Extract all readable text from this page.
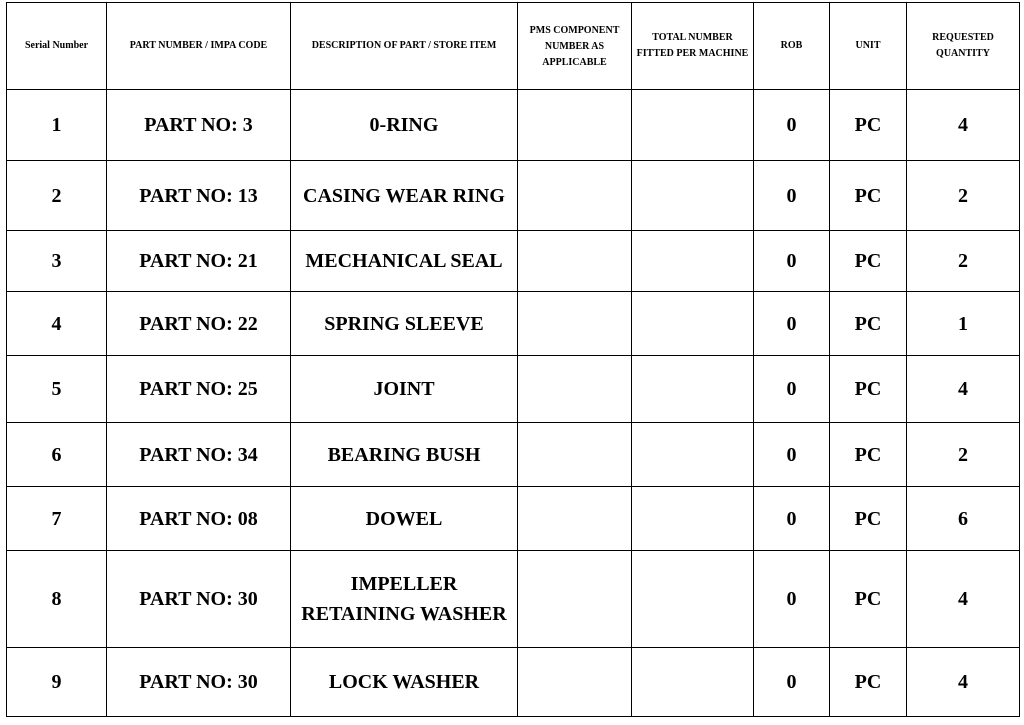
Serial Number	PART NUMBER / IMPA CODE	DESCRIPTION OF PART / STORE ITEM	PMS COMPONENT NUMBER AS APPLICABLE	TOTAL NUMBER FITTED PER MACHINE	ROB	UNIT	REQUESTED QUANTITY
1	PART NO: 3	0-RING			0	PC	4
2	PART NO: 13	CASING WEAR RING			0	PC	2
3	PART NO: 21	MECHANICAL SEAL			0	PC	2
4	PART NO: 22	SPRING SLEEVE			0	PC	1
5	PART NO: 25	JOINT			0	PC	4
6	PART NO: 34	BEARING BUSH			0	PC	2
7	PART NO: 08	DOWEL			0	PC	6
8	PART NO: 30	IMPELLER RETAINING WASHER			0	PC	4
9	PART NO: 30	LOCK WASHER			0	PC	4
